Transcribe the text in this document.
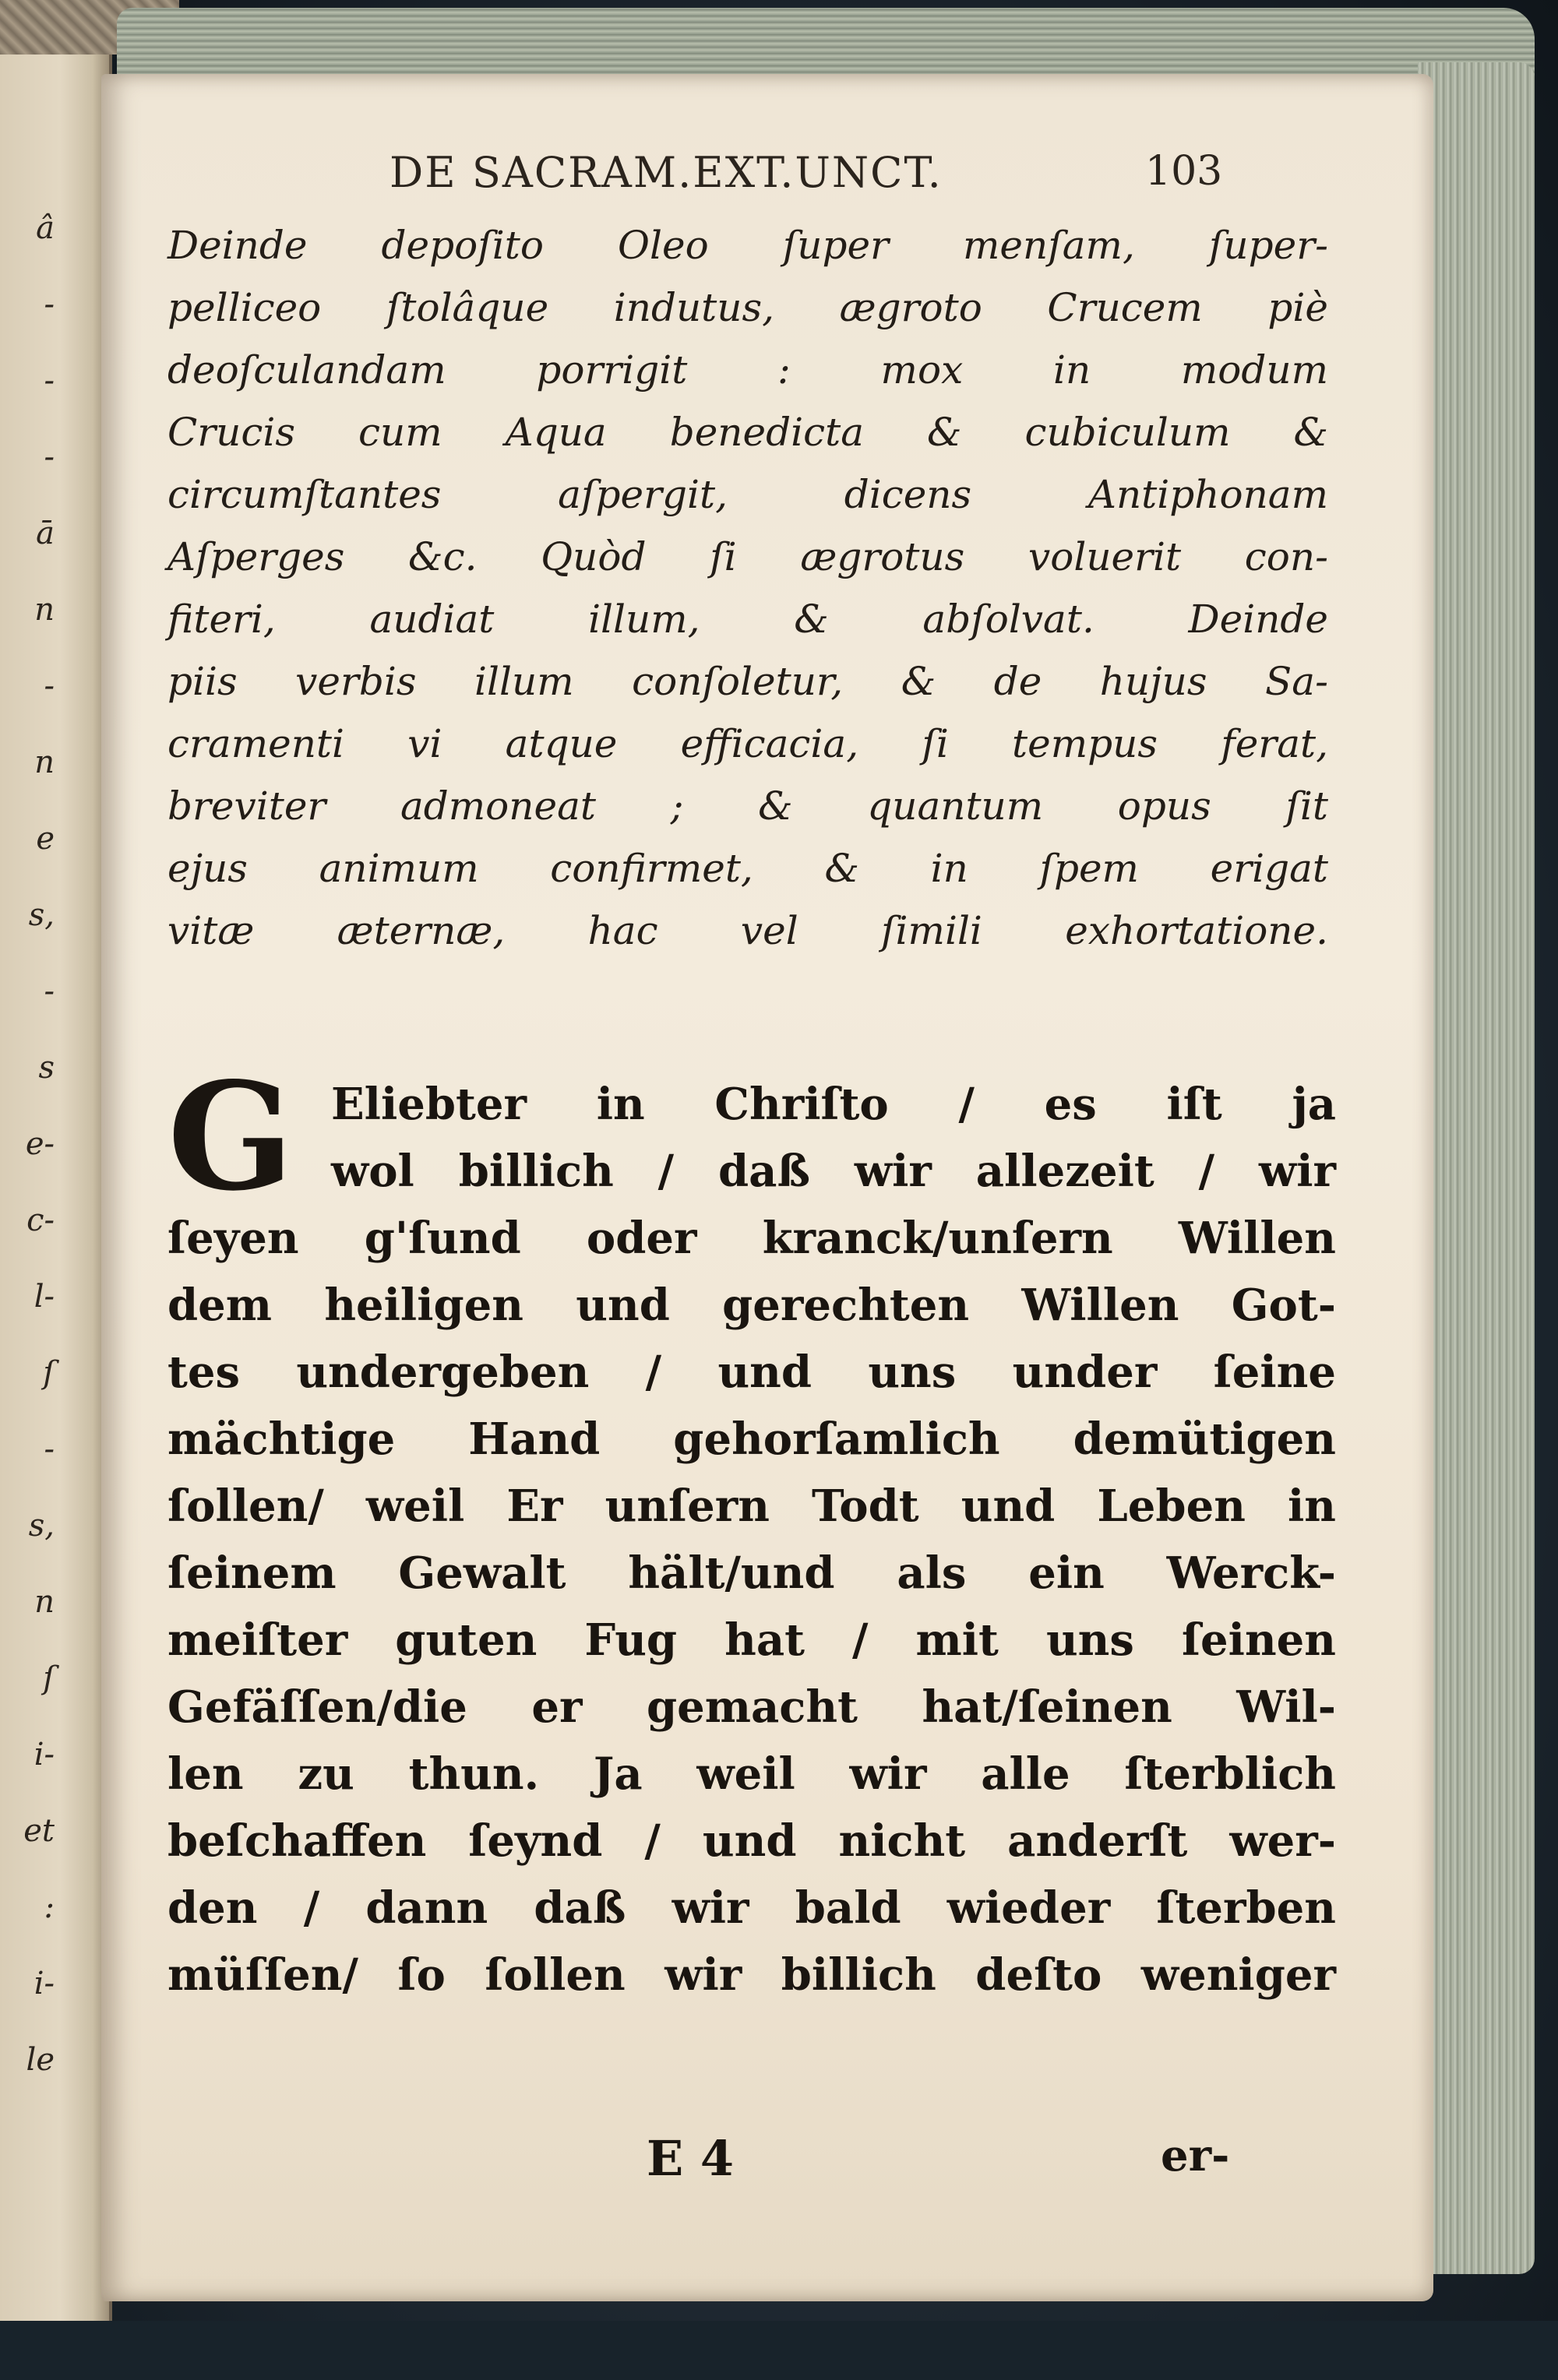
â
-
-
-
ā
n
-
n
e
s,
-
s
e-
c-
l-
ſ
-
s,
n
ſ
i-
et
:
i-
le
DE SACRAM.EXT.UNCT.	103
Deinde depoſito Oleo ſuper menſam, ſuper-
pelliceo ſtolâque indutus, ægroto Crucem piè
deoſculandam porrigit : mox in modum
Crucis cum Aqua benedicta & cubiculum &
circumſtantes aſpergit, dicens Antiphonam
Aſperges &c. Quòd ſi ægrotus voluerit con-
fiteri, audiat illum, & abſolvat. Deinde
piis verbis illum conſoletur, & de hujus Sa-
cramenti vi atque efficacia, ſi tempus ferat,
breviter admoneat ; & quantum opus ſit
ejus animum confirmet, & in ſpem erigat
vitæ æternæ, hac vel ſimili exhortatione.
G Eliebter in Chriſto / es iſt ja
wol billich / daß wir allezeit / wir
ſeyen g'ſund oder kranck/unſern Willen
dem heiligen und gerechten Willen Got-
tes undergeben / und uns under ſeine
mächtige Hand gehorſamlich demütigen
ſollen/ weil Er unſern Todt und Leben in
ſeinem Gewalt hält/und als ein Werck-
meiſter guten Fug hat / mit uns ſeinen
Gefäſſen/die er gemacht hat/ſeinen Wil-
len zu thun. Ja weil wir alle ſterblich
beſchaffen ſeynd / und nicht anderſt wer-
den / dann daß wir bald wieder ſterben
müſſen/ ſo ſollen wir billich deſto weniger
E 4	er-
